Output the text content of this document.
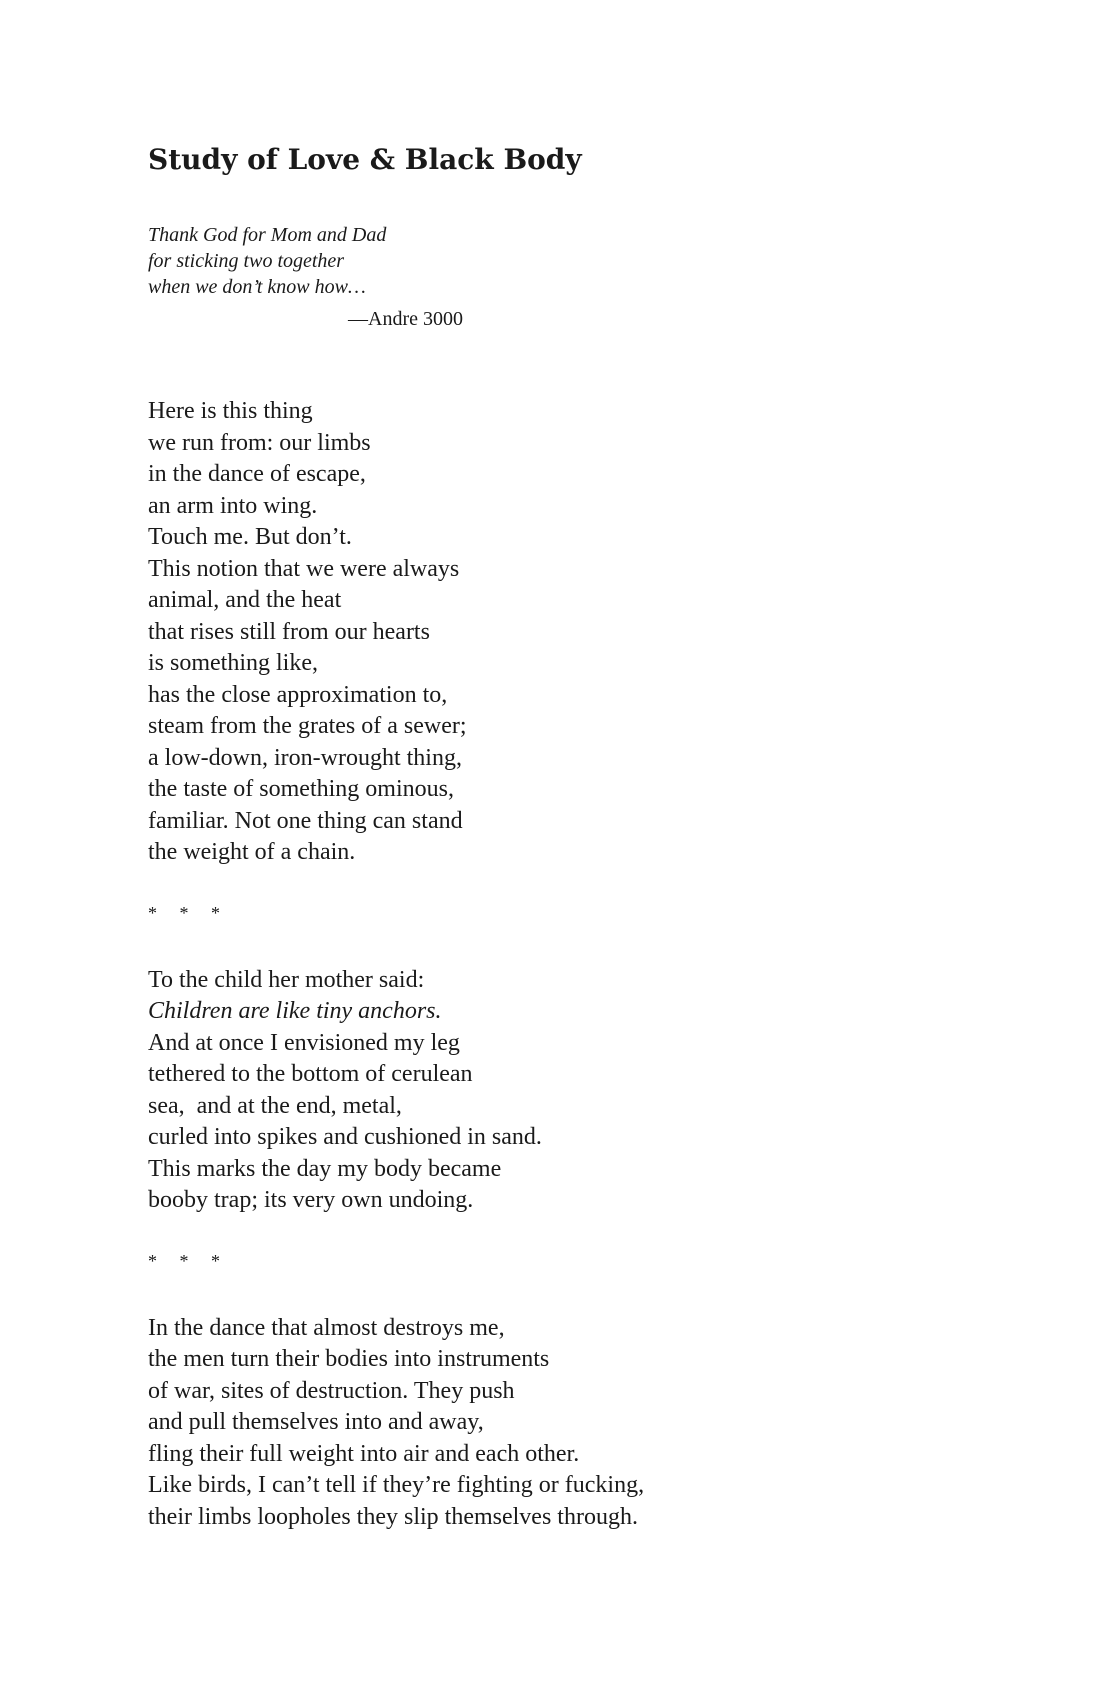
Study of Love & Black Body
Thank God for Mom and Dad
for sticking two together
when we don’t know how…
—Andre 3000
Here is this thing
we run from: our limbs
in the dance of escape,
an arm into wing.
Touch me. But don’t.
This notion that we were always
animal, and the heat
that rises still from our hearts
is something like,
has the close approximation to,
steam from the grates of a sewer;
a low-down, iron-wrought thing,
the taste of something ominous,
familiar. Not one thing can stand
the weight of a chain.
*     *     *
To the child her mother said:
Children are like tiny anchors.
And at once I envisioned my leg
tethered to the bottom of cerulean
sea,  and at the end, metal,
curled into spikes and cushioned in sand.
This marks the day my body became
booby trap; its very own undoing.
*     *     *
In the dance that almost destroys me,
the men turn their bodies into instruments
of war, sites of destruction. They push
and pull themselves into and away,
fling their full weight into air and each other.
Like birds, I can’t tell if they’re fighting or fucking,
their limbs loopholes they slip themselves through.
